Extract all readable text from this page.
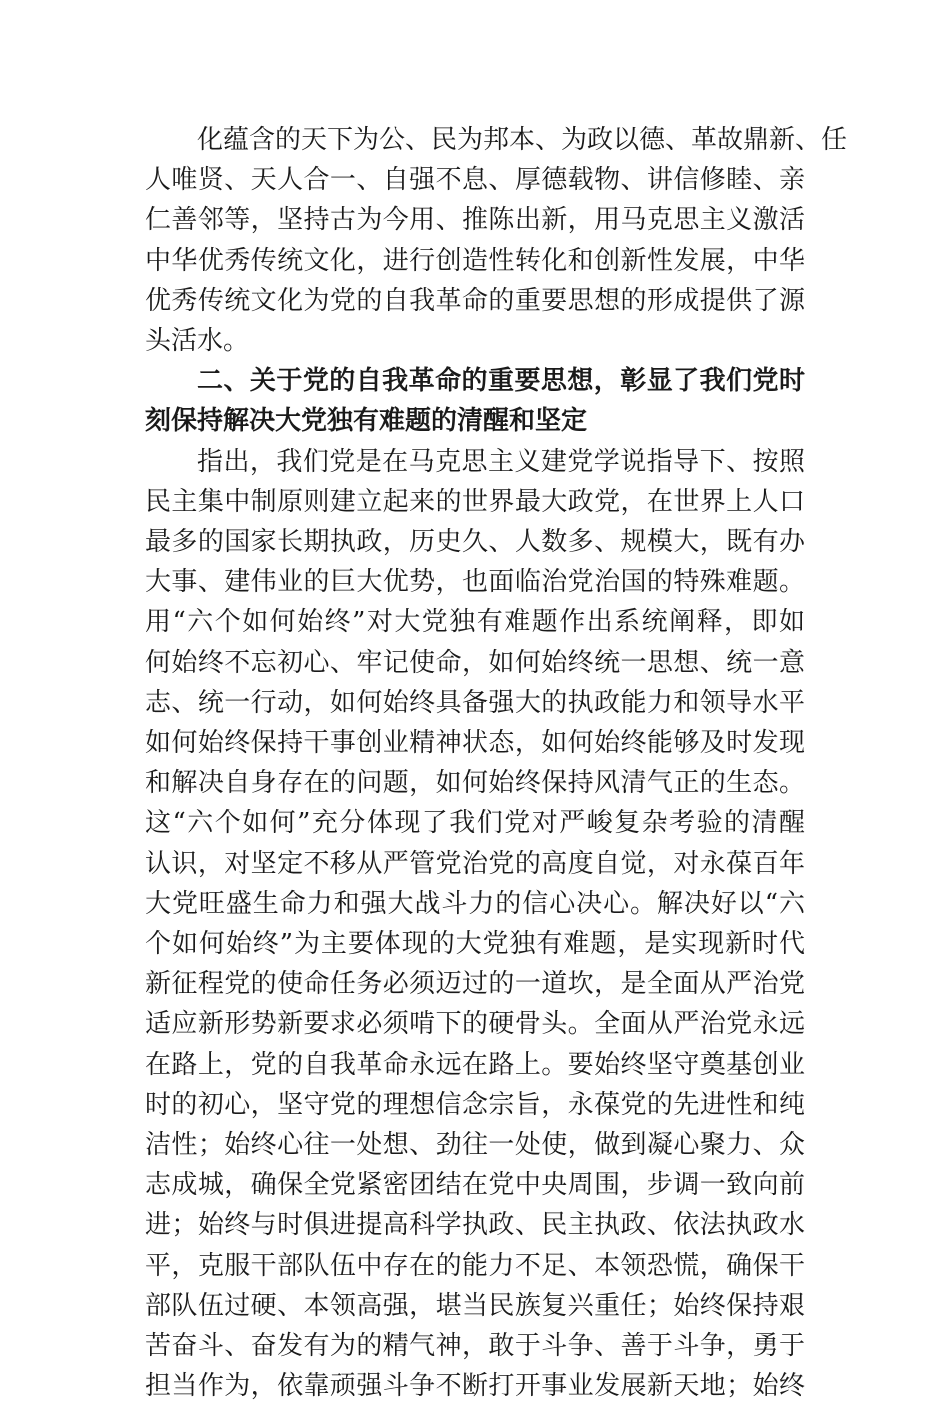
化蕴含的天下为公、民为邦本、为政以德、革故鼎新、任
人唯贤、天人合一、自强不息、厚德载物、讲信修睦、亲
仁善邻等，坚持古为今用、推陈出新，用马克思主义激活
中华优秀传统文化，进行创造性转化和创新性发展，中华
优秀传统文化为党的自我革命的重要思想的形成提供了源
头活水。
二、关于党的自我革命的重要思想，彰显了我们党时
刻保持解决大党独有难题的清醒和坚定
指出，我们党是在马克思主义建党学说指导下、按照
民主集中制原则建立起来的世界最大政党，在世界上人口
最多的国家长期执政，历史久、人数多、规模大，既有办
大事、建伟业的巨大优势，也面临治党治国的特殊难题。
用“六个如何始终”对大党独有难题作出系统阐释，即如
何始终不忘初心、牢记使命，如何始终统一思想、统一意
志、统一行动，如何始终具备强大的执政能力和领导水平
如何始终保持干事创业精神状态，如何始终能够及时发现
和解决自身存在的问题，如何始终保持风清气正的生态。
这“六个如何”充分体现了我们党对严峻复杂考验的清醒
认识，对坚定不移从严管党治党的高度自觉，对永葆百年
大党旺盛生命力和强大战斗力的信心决心。解决好以“六
个如何始终”为主要体现的大党独有难题，是实现新时代
新征程党的使命任务必须迈过的一道坎，是全面从严治党
适应新形势新要求必须啃下的硬骨头。全面从严治党永远
在路上，党的自我革命永远在路上。要始终坚守奠基创业
时的初心，坚守党的理想信念宗旨，永葆党的先进性和纯
洁性；始终心往一处想、劲往一处使，做到凝心聚力、众
志成城，确保全党紧密团结在党中央周围，步调一致向前
进；始终与时俱进提高科学执政、民主执政、依法执政水
平，克服干部队伍中存在的能力不足、本领恐慌，确保干
部队伍过硬、本领高强，堪当民族复兴重任；始终保持艰
苦奋斗、奋发有为的精气神，敢于斗争、善于斗争，勇于
担当作为，依靠顽强斗争不断打开事业发展新天地；始终
